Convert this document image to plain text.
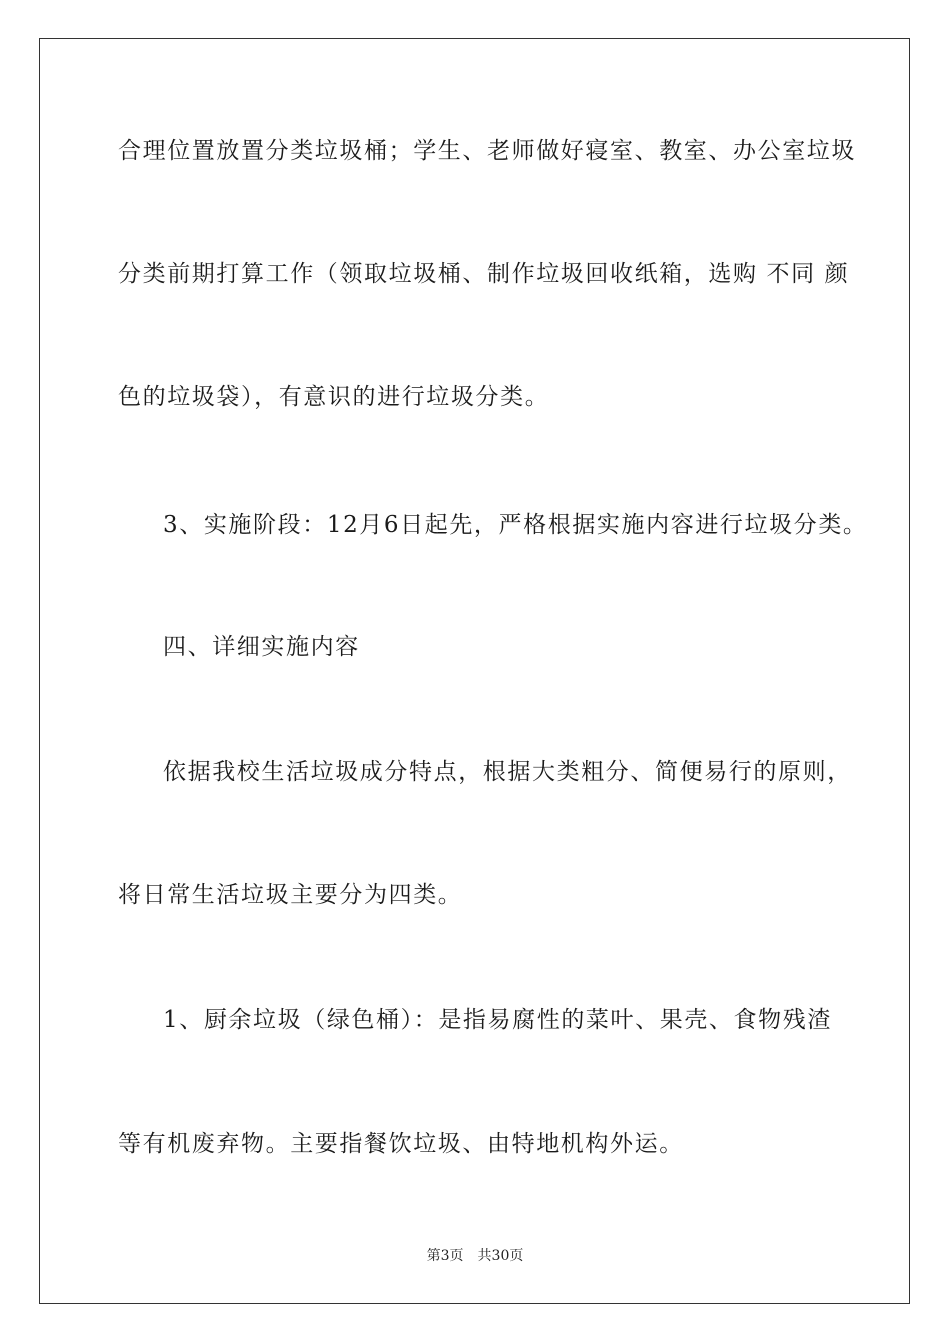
合理位置放置分类垃圾桶；学生、老师做好寝室、教室、办公室垃圾
分类前期打算工作（领取垃圾桶、制作垃圾回收纸箱，选购 不同 颜
色的垃圾袋），有意识的进行垃圾分类。
3、实施阶段：12月6日起先，严格根据实施内容进行垃圾分类。
四、详细实施内容
依据我校生活垃圾成分特点，根据大类粗分、简便易行的原则，
将日常生活垃圾主要分为四类。
1、厨余垃圾（绿色桶）：是指易腐性的菜叶、果壳、食物残渣
等有机废弃物。主要指餐饮垃圾、由特地机构外运。
第3页 共30页
